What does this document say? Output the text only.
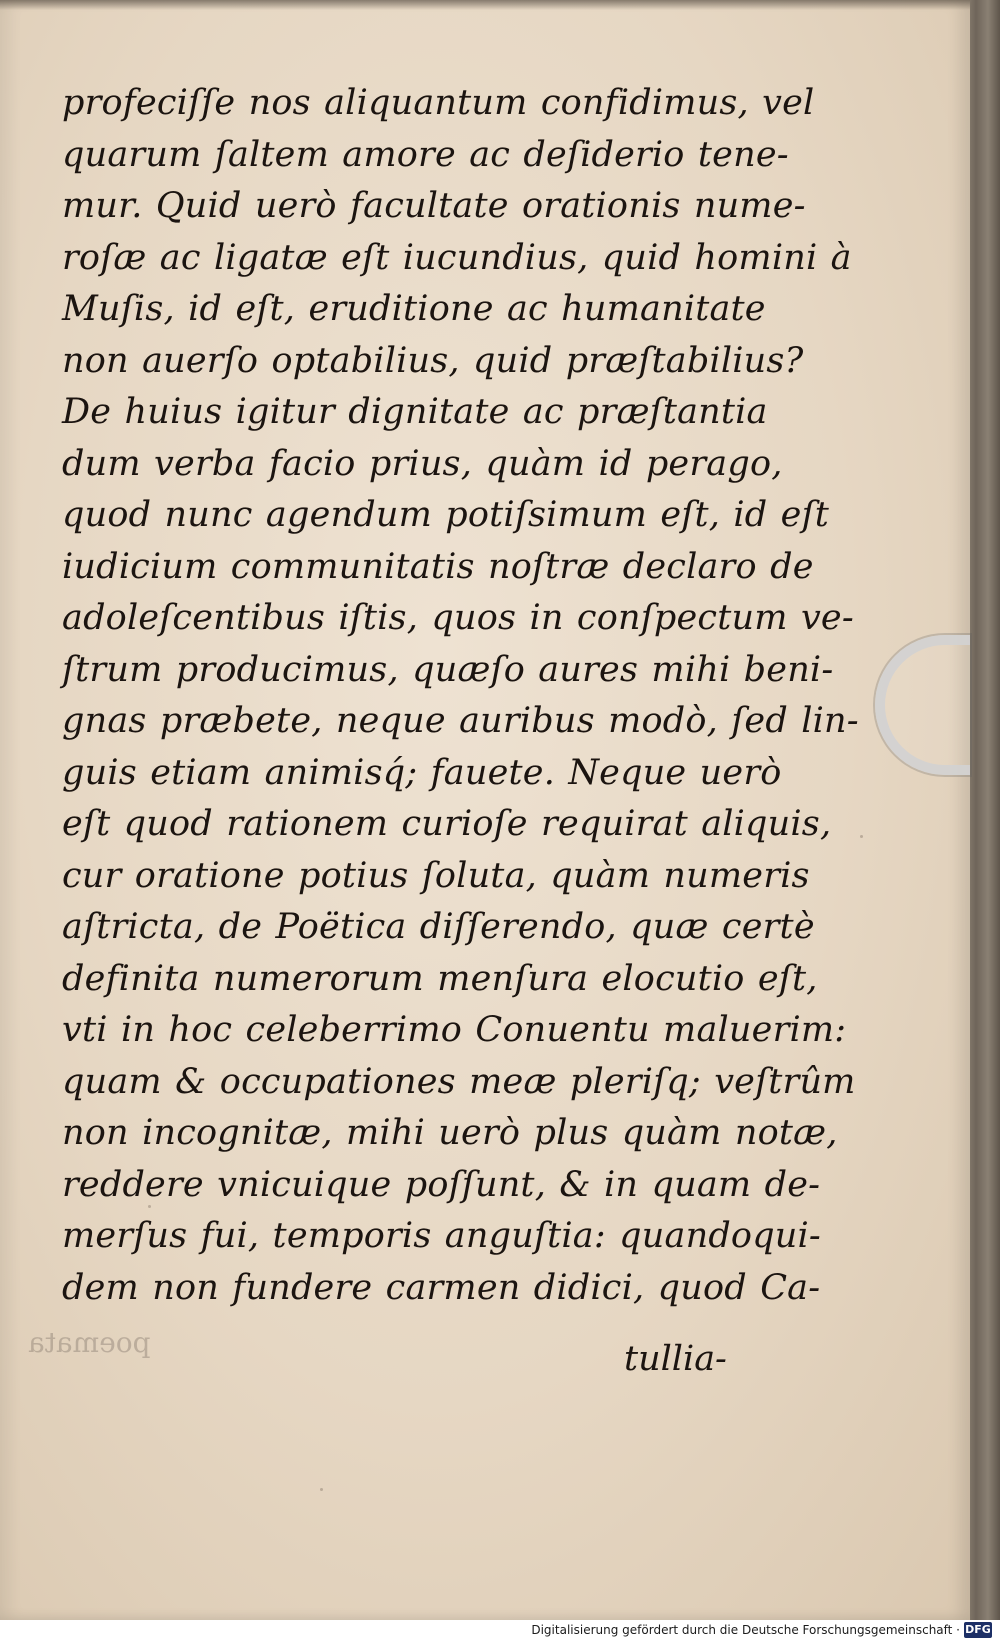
poemata
profeciſſe nos aliquantum confidimus, vel
quarum ſaltem amore ac deſiderio tene-
mur. Quid uerò facultate orationis nume-
roſæ ac ligatæ eſt iucundius, quid homini à
Muſis, id eſt, eruditione ac humanitate
non auerſo optabilius, quid præſtabilius?
De huius igitur dignitate ac præſtantia
dum verba facio prius, quàm id perago,
quod nunc agendum potiſsimum eſt, id eſt
iudicium communitatis noſtræ declaro de
adoleſcentibus iſtis, quos in conſpectum ve-
ſtrum producimus, quæſo aures mihi beni-
gnas præbete, neque auribus modò, ſed lin-
guis etiam animisq́; fauete. Neque uerò
eſt quod rationem curioſe requirat aliquis,
cur oratione potius ſoluta, quàm numeris
aſtricta, de Poëtica diſſerendo, quæ certè
definita numerorum menſura elocutio eſt,
vti in hoc celeberrimo Conuentu maluerim:
quam & occupationes meæ pleriſq; veſtrûm
non incognitæ, mihi uerò plus quàm notæ,
reddere vnicuique poſſunt, & in quam de-
merſus fui, temporis anguſtia: quandoqui-
dem non fundere carmen didici, quod Ca-
tullia-
Digitalisierung gefördert durch die Deutsche Forschungsgemeinschaft · DFG
